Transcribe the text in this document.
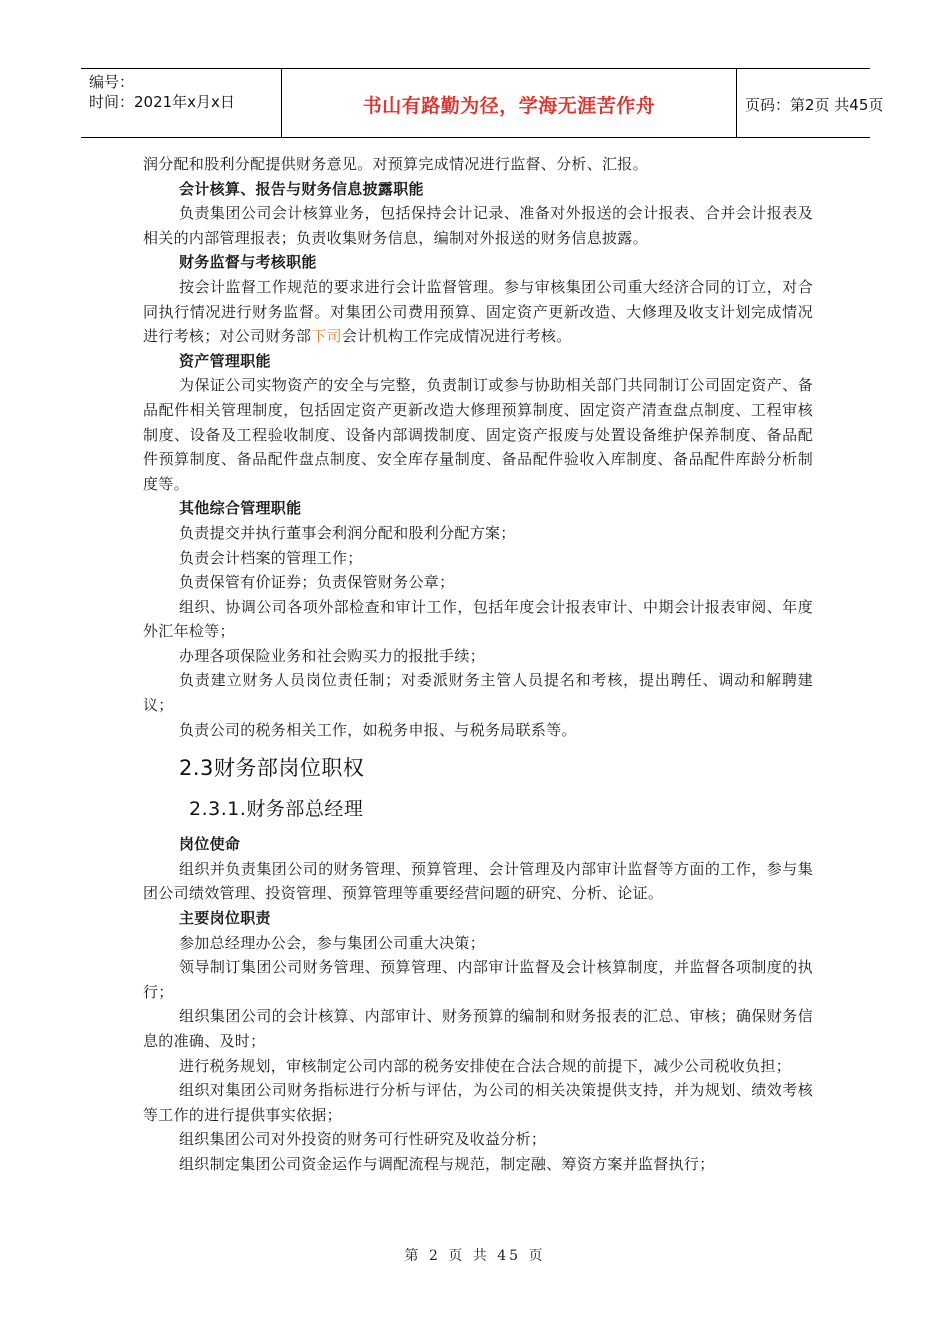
编号：
时间：2021年x月x日	书山有路勤为径，学海无涯苦作舟	页码：第2页 共45页

润分配和股利分配提供财务意见。对预算完成情况进行监督、分析、汇报。

会计核算、报告与财务信息披露职能

负责集团公司会计核算业务，包括保持会计记录、准备对外报送的会计报表、合并会计报表及相关的内部管理报表；负责收集财务信息，编制对外报送的财务信息披露。

财务监督与考核职能

按会计监督工作规范的要求进行会计监督管理。参与审核集团公司重大经济合同的订立，对合同执行情况进行财务监督。对集团公司费用预算、固定资产更新改造、大修理及收支计划完成情况进行考核；对公司财务部下司会计机构工作完成情况进行考核。

资产管理职能

为保证公司实物资产的安全与完整，负责制订或参与协助相关部门共同制订公司固定资产、备品配件相关管理制度，包括固定资产更新改造大修理预算制度、固定资产清查盘点制度、工程审核制度、设备及工程验收制度、设备内部调拨制度、固定资产报废与处置设备维护保养制度、备品配件预算制度、备品配件盘点制度、安全库存量制度、备品配件验收入库制度、备品配件库龄分析制度等。

其他综合管理职能

负责提交并执行董事会利润分配和股利分配方案；

负责会计档案的管理工作；

负责保管有价证券；负责保管财务公章；

组织、协调公司各项外部检查和审计工作，包括年度会计报表审计、中期会计报表审阅、年度外汇年检等；

办理各项保险业务和社会购买力的报批手续；

负责建立财务人员岗位责任制；对委派财务主管人员提名和考核，提出聘任、调动和解聘建议；

负责公司的税务相关工作，如税务申报、与税务局联系等。

2.3财务部岗位职权
2.3.1.财务部总经理

岗位使命

组织并负责集团公司的财务管理、预算管理、会计管理及内部审计监督等方面的工作，参与集团公司绩效管理、投资管理、预算管理等重要经营问题的研究、分析、论证。

主要岗位职责

参加总经理办公会，参与集团公司重大决策；

领导制订集团公司财务管理、预算管理、内部审计监督及会计核算制度，并监督各项制度的执行；

组织集团公司的会计核算、内部审计、财务预算的编制和财务报表的汇总、审核；确保财务信息的准确、及时；

进行税务规划，审核制定公司内部的税务安排使在合法合规的前提下，减少公司税收负担；

组织对集团公司财务指标进行分析与评估，为公司的相关决策提供支持，并为规划、绩效考核等工作的进行提供事实依据；

组织集团公司对外投资的财务可行性研究及收益分析；

组织制定集团公司资金运作与调配流程与规范，制定融、筹资方案并监督执行；

第 2 页 共 45 页
